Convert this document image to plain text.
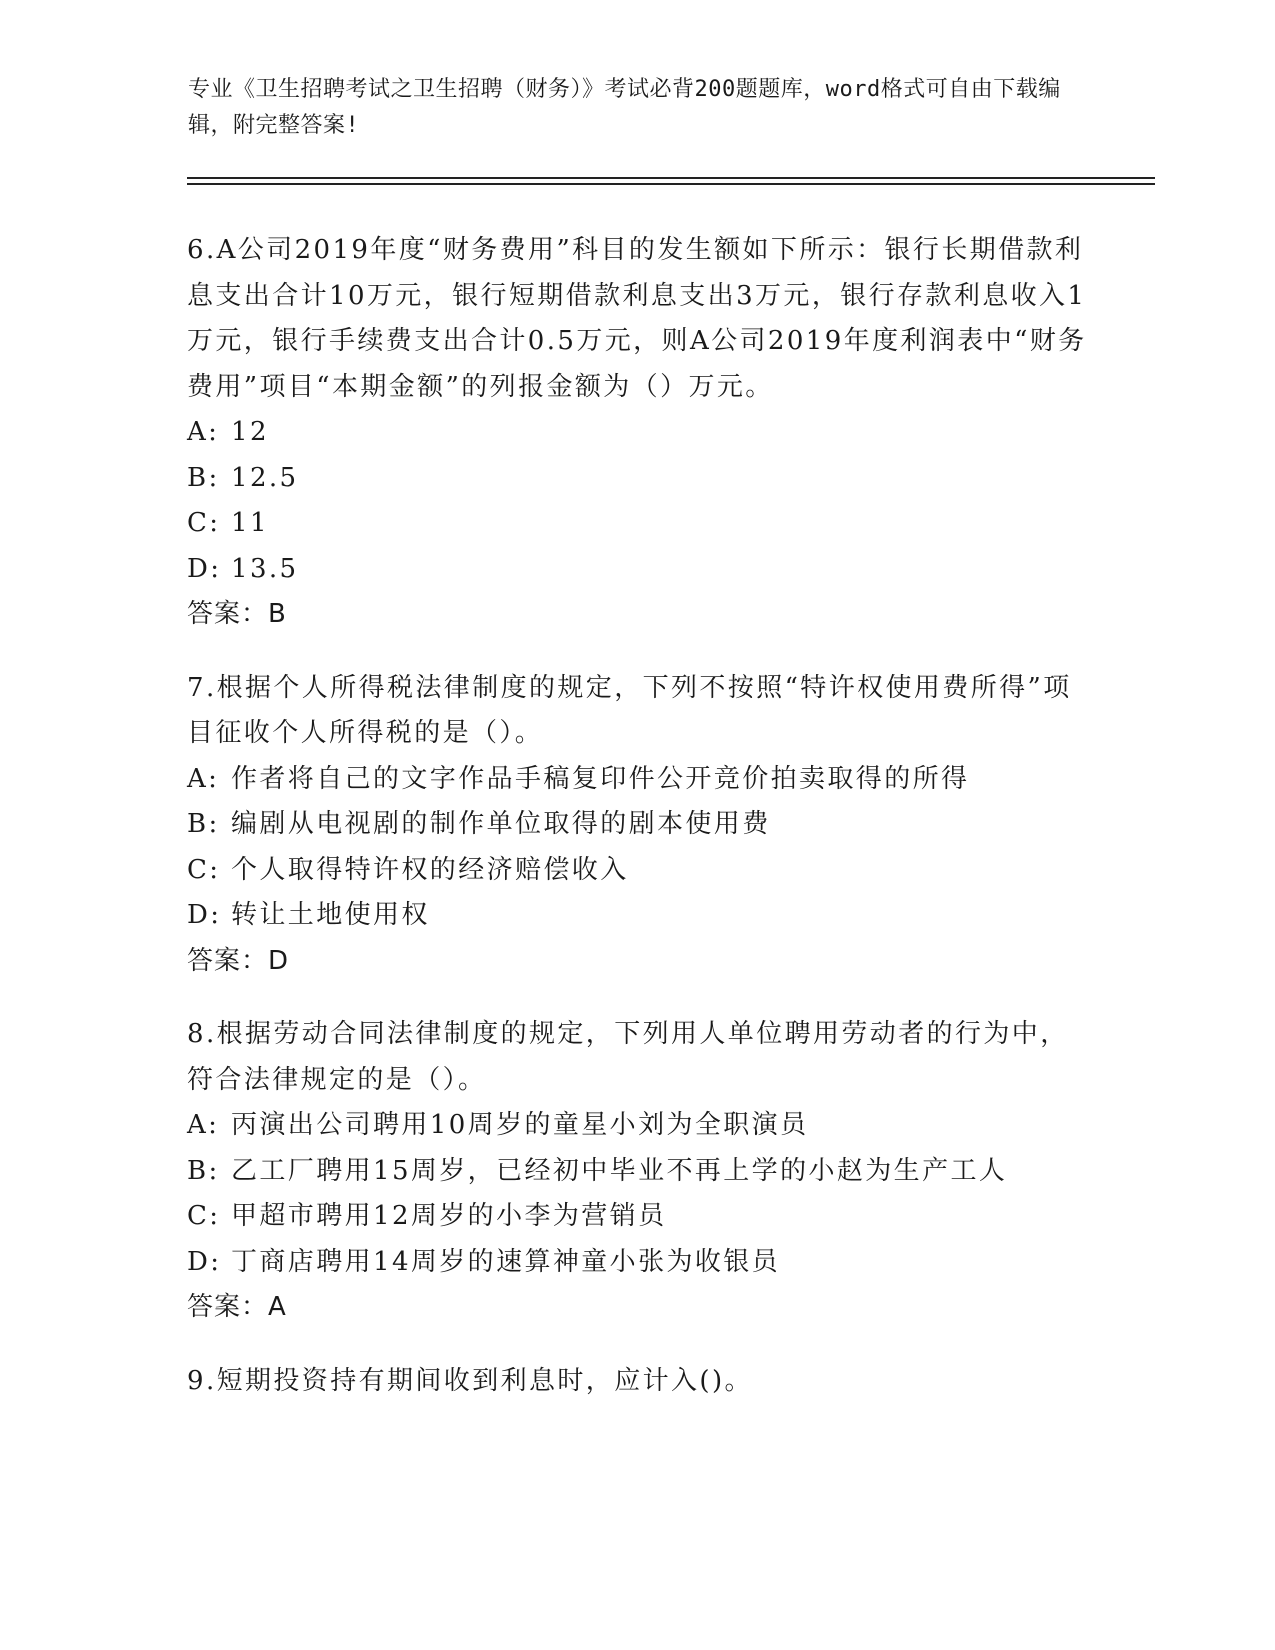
专业《卫生招聘考试之卫生招聘（财务）》考试必背200题题库，word格式可自由下载编辑，附完整答案!

6.A公司2019年度“财务费用”科目的发生额如下所示：银行长期借款利息支出合计10万元，银行短期借款利息支出3万元，银行存款利息收入1万元，银行手续费支出合计0.5万元，则A公司2019年度利润表中“财务费用”项目“本期金额”的列报金额为（）万元。

A: 12

B: 12.5

C: 11

D: 13.5

答案：B

7.根据个人所得税法律制度的规定，下列不按照“特许权使用费所得”项目征收个人所得税的是（）。

A: 作者将自己的文字作品手稿复印件公开竞价拍卖取得的所得

B: 编剧从电视剧的制作单位取得的剧本使用费

C: 个人取得特许权的经济赔偿收入

D: 转让土地使用权

答案：D

8.根据劳动合同法律制度的规定，下列用人单位聘用劳动者的行为中，符合法律规定的是（）。

A: 丙演出公司聘用10周岁的童星小刘为全职演员

B: 乙工厂聘用15周岁，已经初中毕业不再上学的小赵为生产工人

C: 甲超市聘用12周岁的小李为营销员

D: 丁商店聘用14周岁的速算神童小张为收银员

答案：A

9.短期投资持有期间收到利息时，应计入()。
